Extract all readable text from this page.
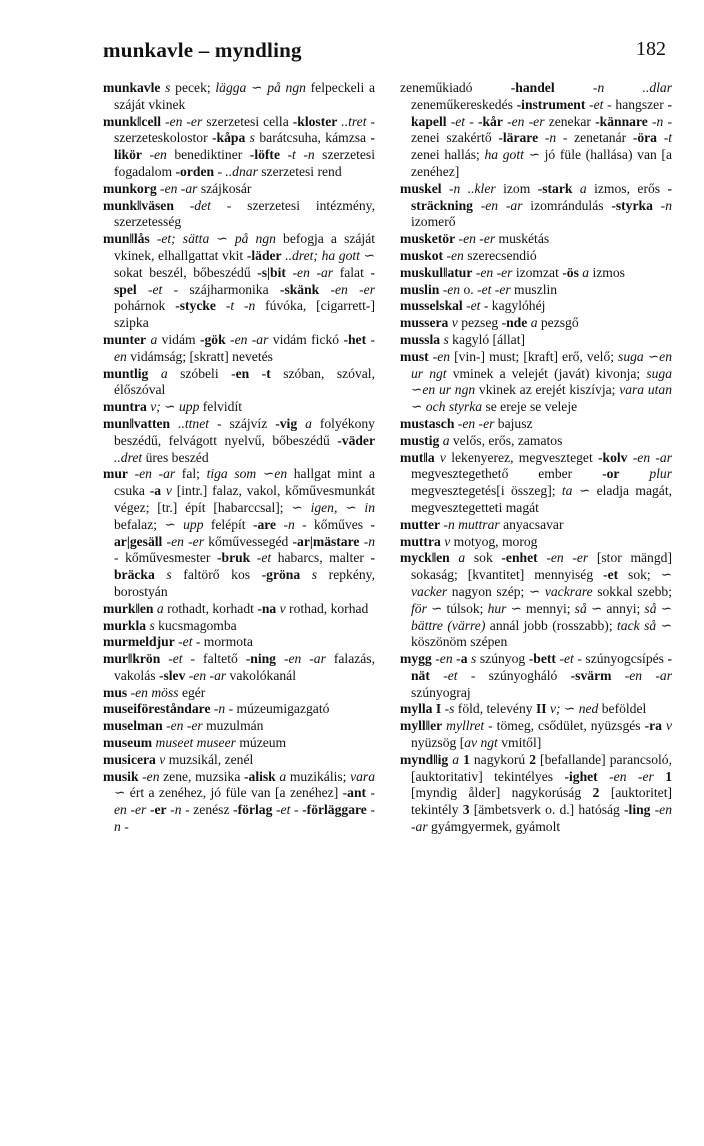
munkavle – myndling	182

munkavle s pecek; lägga ∽ på ngn felpeckeli a száját vkinek

munk‖cell -en -er szerzetesi cella -kloster ..tret - szerzeteskolostor -kåpa s barátcsuha, kámzsa -likör -en benediktiner -löfte -t -n szerzetesi fogadalom -orden - ..dnar szerzetesi rend

munkorg -en -ar szájkosár

munk‖väsen -det - szerzetesi intézmény, szerzetesség

mun‖lås -et; sätta ∽ på ngn befogja a száját vkinek, elhallgattat vkit -läder ..dret; ha gott ∽ sokat beszél, bőbeszédű -s|bit -en -ar falat -spel -et - szájharmonika -skänk -en -er pohárnok -stycke -t -n fúvóka, [cigarrett-] szipka

munter a vidám -gök -en -ar vidám fickó -het -en vidámság; [skratt] nevetés

muntlig a szóbeli -en -t szóban, szóval, élőszóval

muntra v; ∽ upp felvidít

mun‖vatten ..ttnet - szájvíz -vig a folyékony beszédű, felvágott nyelvű, bőbeszédű -väder ..dret üres beszéd

mur -en -ar fal; tiga som ∽en hallgat mint a csuka -a v [intr.] falaz, vakol, kőművesmunkát végez; [tr.] épít [habarccsal]; ∽ igen, ∽ in befalaz; ∽ upp felépít -are -n - kőműves -ar|gesäll -en -er kőművessegéd -ar|mästare -n - kőművesmester -bruk -et habarcs, malter -bräcka s faltörő kos -gröna s repkény, borostyán

murk‖en a rothadt, korhadt -na v rothad, korhad

murkla s kucsmagomba

murmeldjur -et - mormota

mur‖krön -et - faltető -ning -en -ar falazás, vakolás -slev -en -ar vakolókanál

mus -en möss egér

museiföreståndare -n - múzeumigazgató

muselman -en -er muzulmán

museum museet museer múzeum

musicera v muzsikál, zenél

musik -en zene, muzsika -alisk a muzikális; vara ∽ ért a zenéhez, jó füle van [a zenéhez] -ant -en -er -er -n - zenész -förlag -et - -förläggare -n -

zeneműkiadó -handel	-n ..dlar zeneműkereskedés -instrument -et - hangszer -kapell -et - -kår -en -er zenekar -kännare -n - zenei szakértő -lärare -n - zenetanár -öra -t zenei hallás; ha gott ∽ jó füle (hallása) van [a zenéhez]

muskel -n ..kler izom -stark a izmos, erős -sträckning -en -ar izomrándulás -styrka -n izomerő

musketör -en -er muskétás

muskot -en szerecsendió

muskul‖atur -en -er izomzat -ös a izmos

muslin -en o. -et -er muszlin

musselskal -et - kagylóhéj

mussera v pezseg -nde a pezsgő

mussla s kagyló [állat]

must -en [vin-] must; [kraft] erő, velő; suga ∽en ur ngt vminek a velejét (javát) kivonja; suga ∽en ur ngn vkinek az erejét kiszívja; vara utan ∽ och styrka se ereje se veleje

mustasch -en -er bajusz

mustig a velős, erős, zamatos

mut‖a v lekenyerez, megveszteget -kolv -en -ar megvesztegethető ember -or plur megvesztegetés[i összeg]; ta ∽ eladja magát, megvesztegetteti magát

mutter -n muttrar anyacsavar

muttra v motyog, morog

myck‖en a sok -enhet -en -er [stor mängd] sokaság; [kvantitet] mennyiség -et sok; ∽ vacker nagyon szép; ∽ vackrare sokkal szebb; för ∽ túlsok; hur ∽ mennyi; så ∽ annyi; så ∽ bättre (värre) annál jobb (rosszabb); tack så ∽ köszönöm szépen

mygg -en -a s szúnyog -bett -et - szúnyogcsípés -nät -et - szúnyogháló -svärm -en -ar szúnyograj

mylla I -s föld, televény II v; ∽ ned beföldel

myll‖er myllret - tömeg, csődület, nyüzsgés -ra v nyüzsög [av ngt vmitől]

mynd‖ig a 1 nagykorú 2 [befallande] parancsoló, [auktoritativ] tekintélyes -ighet -en -er 1 [myndig ålder] nagykorúság 2 [auktoritet] tekintély 3 [ämbetsverk o. d.] hatóság -ling -en -ar gyámgyermek, gyámolt
